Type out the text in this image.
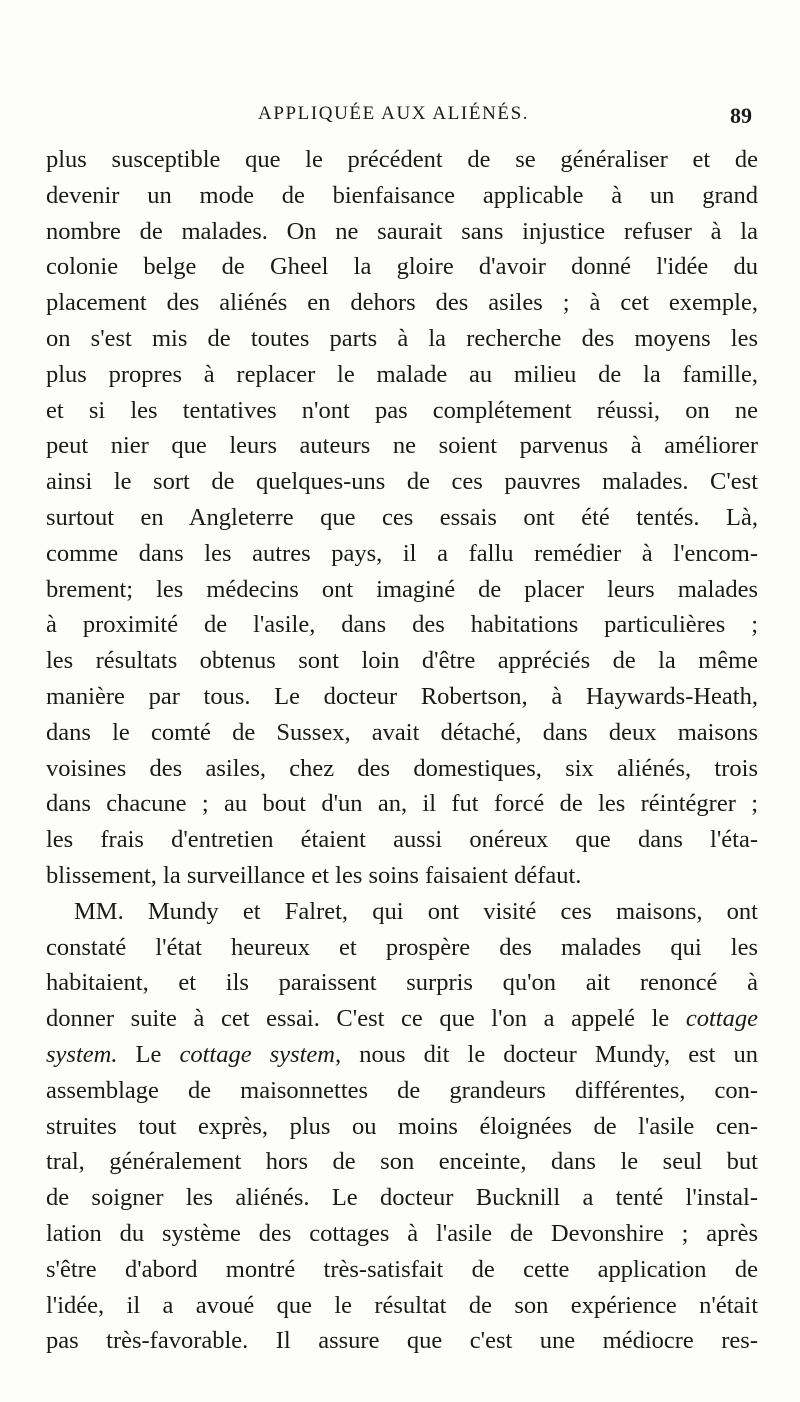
APPLIQUÉE AUX ALIÉNÉS.	89
plus susceptible que le précédent de se généraliser et de
devenir un mode de bienfaisance applicable à un grand
nombre de malades. On ne saurait sans injustice refuser à la
colonie belge de Gheel la gloire d'avoir donné l'idée du
placement des aliénés en dehors des asiles ; à cet exemple,
on s'est mis de toutes parts à la recherche des moyens les
plus propres à replacer le malade au milieu de la famille,
et si les tentatives n'ont pas complétement réussi, on ne
peut nier que leurs auteurs ne soient parvenus à améliorer
ainsi le sort de quelques-uns de ces pauvres malades. C'est
surtout en Angleterre que ces essais ont été tentés. Là,
comme dans les autres pays, il a fallu remédier à l'encom-
brement; les médecins ont imaginé de placer leurs malades
à proximité de l'asile, dans des habitations particulières ;
les résultats obtenus sont loin d'être appréciés de la même
manière par tous. Le docteur Robertson, à Haywards-Heath,
dans le comté de Sussex, avait détaché, dans deux maisons
voisines des asiles, chez des domestiques, six aliénés, trois
dans chacune ; au bout d'un an, il fut forcé de les réintégrer ;
les frais d'entretien étaient aussi onéreux que dans l'éta-
blissement, la surveillance et les soins faisaient défaut.
MM. Mundy et Falret, qui ont visité ces maisons, ont
constaté l'état heureux et prospère des malades qui les
habitaient, et ils paraissent surpris qu'on ait renoncé à
donner suite à cet essai. C'est ce que l'on a appelé le cottage
system. Le cottage system, nous dit le docteur Mundy, est un
assemblage de maisonnettes de grandeurs différentes, con-
struites tout exprès, plus ou moins éloignées de l'asile cen-
tral, généralement hors de son enceinte, dans le seul but
de soigner les aliénés. Le docteur Bucknill a tenté l'instal-
lation du système des cottages à l'asile de Devonshire ; après
s'être d'abord montré très-satisfait de cette application de
l'idée, il a avoué que le résultat de son expérience n'était
pas très-favorable. Il assure que c'est une médiocre res-
